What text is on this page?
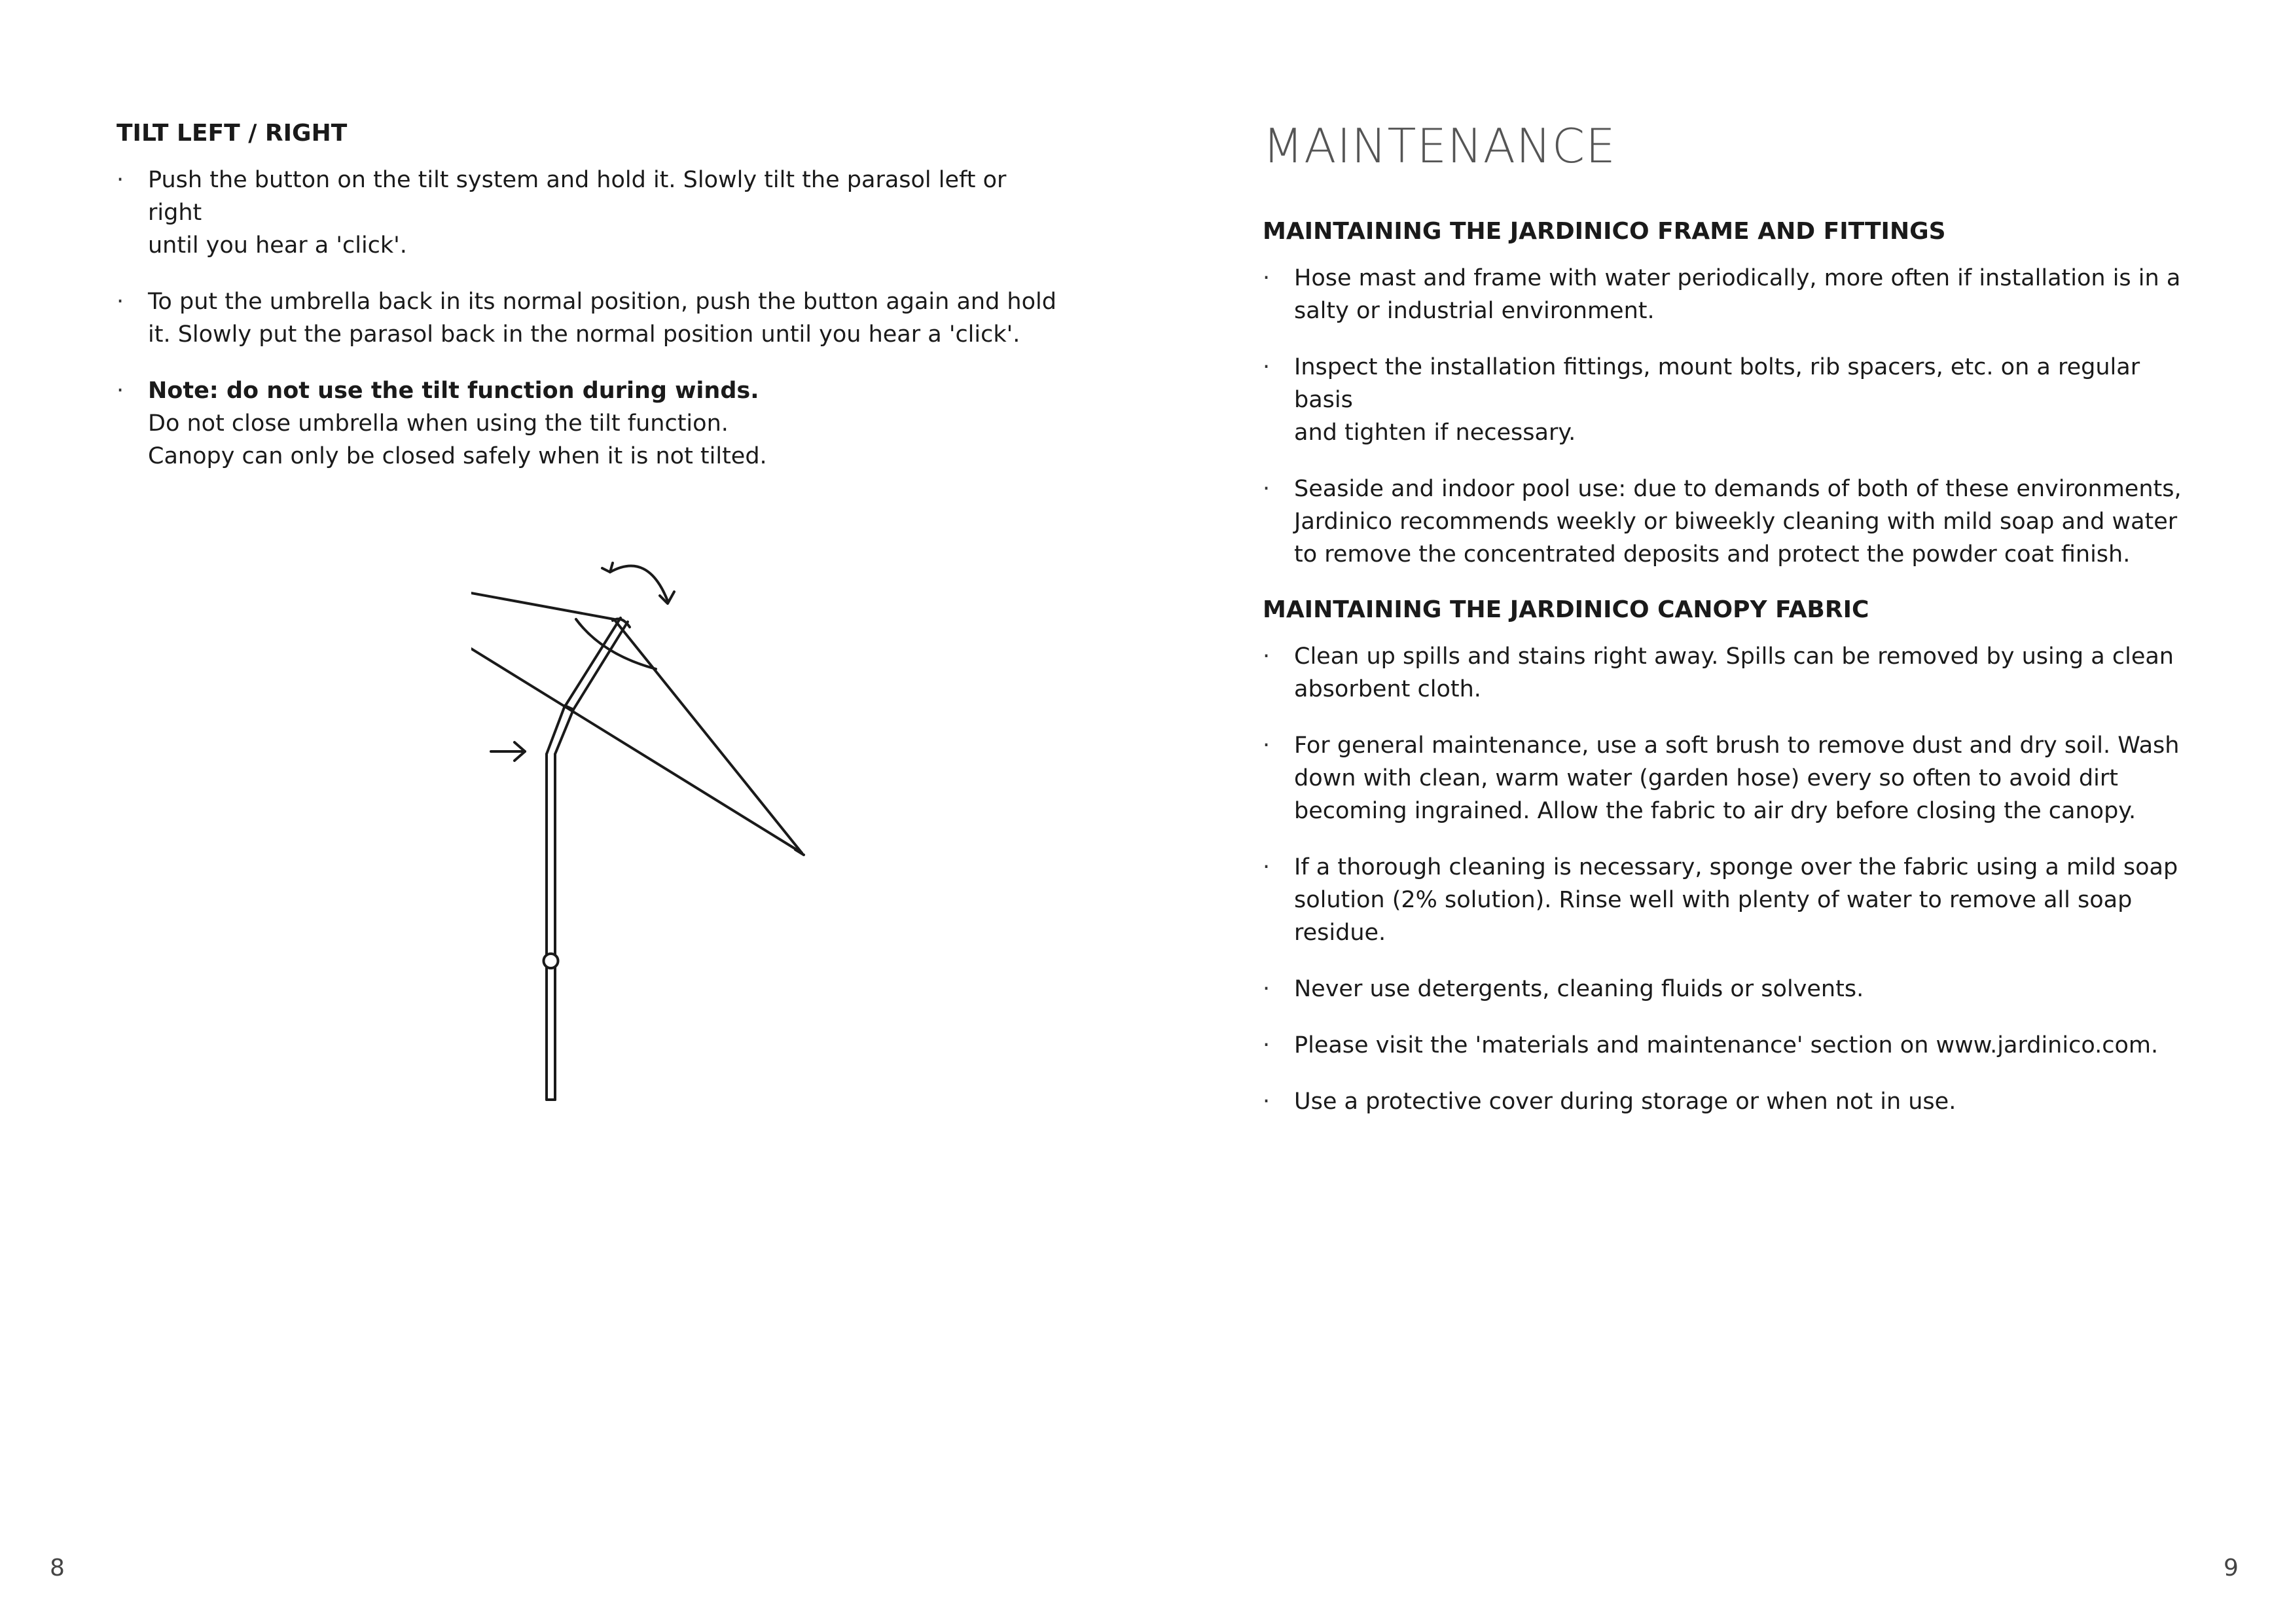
TILT LEFT / RIGHT
· Push the button on the tilt system and hold it. Slowly tilt the parasol left or right
until you hear a 'click'.
· To put the umbrella back in its normal position, push the button again and hold
it. Slowly put the parasol back in the normal position until you hear a 'click'.
· Note: do not use the tilt function during winds.
Do not close umbrella when using the tilt function.
Canopy can only be closed safely when it is not tilted.
MAINTENANCE
MAINTAINING THE JARDINICO FRAME AND FITTINGS
· Hose mast and frame with water periodically, more often if installation is in a
salty or industrial environment.
· Inspect the installation fittings, mount bolts, rib spacers, etc. on a regular basis
and tighten if necessary.
· Seaside and indoor pool use: due to demands of both of these environments,
Jardinico recommends weekly or biweekly cleaning with mild soap and water
to remove the concentrated deposits and protect the powder coat finish.
MAINTAINING THE JARDINICO CANOPY FABRIC
· Clean up spills and stains right away. Spills can be removed by using a clean
absorbent cloth.
· For general maintenance, use a soft brush to remove dust and dry soil. Wash
down with clean, warm water (garden hose) every so often to avoid dirt
becoming ingrained. Allow the fabric to air dry before closing the canopy.
· If a thorough cleaning is necessary, sponge over the fabric using a mild soap
solution (2% solution). Rinse well with plenty of water to remove all soap
residue.
· Never use detergents, cleaning fluids or solvents.
· Please visit the 'materials and maintenance' section on www.jardinico.com.
· Use a protective cover during storage or when not in use.
8	9
